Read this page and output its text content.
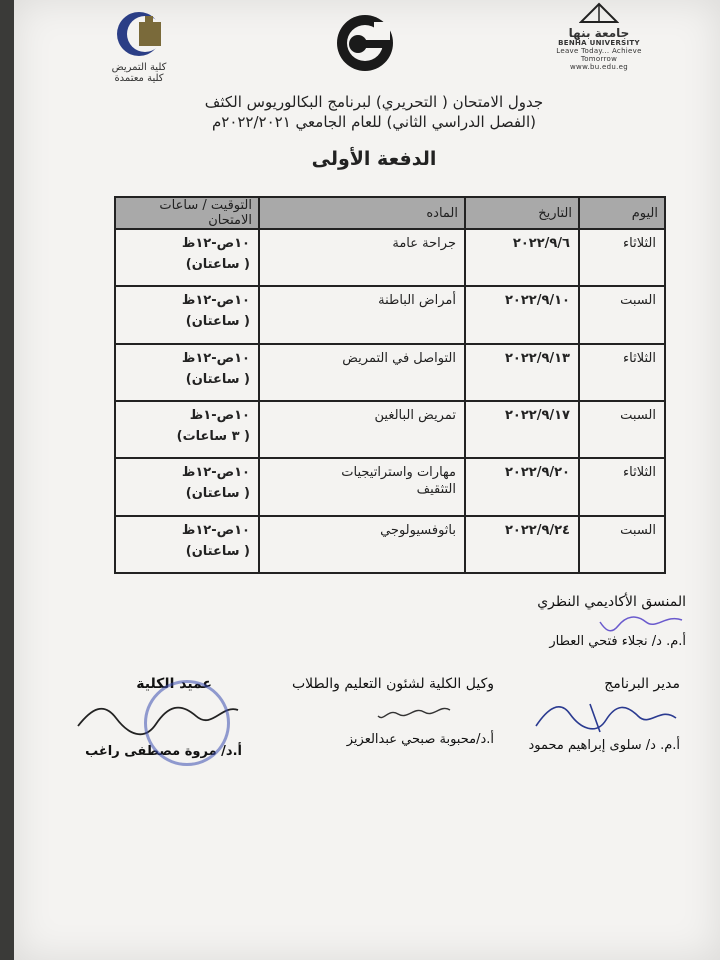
كلية التمريض
كلية معتمدة
جامعة بنها
BENHA UNIVERSITY
Leave Today... Achieve Tomorrow
www.bu.edu.eg
جدول الامتحان ( التحريري) لبرنامج البكالوريوس الكثف
(الفصل الدراسي الثاني) للعام الجامعي ٢٠٢٢/٢٠٢١م
الدفعة الأولى
اليوم	التاريخ	الماده	التوقيت / ساعات الامتحان
الثلاثاء	٢٠٢٢/٩/٦	جراحة عامة	١٠ص-١٢ظ
( ساعتان)

السبت	٢٠٢٢/٩/١٠	أمراض الباطنة	١٠ص-١٢ظ
( ساعتان)

الثلاثاء	٢٠٢٢/٩/١٣	التواصل في التمريض	١٠ص-١٢ظ
( ساعتان)

السبت	٢٠٢٢/٩/١٧	تمريض البالغين	١٠ص-١ظ
( ٣ ساعات)

الثلاثاء	٢٠٢٢/٩/٢٠	مهارات واستراتيجيات
التثقيف	١٠ص-١٢ظ
( ساعتان)

السبت	٢٠٢٢/٩/٢٤	باثوفسيولوجي	١٠ص-١٢ظ
( ساعتان)
المنسق الأكاديمي النظري
أ.م. د/ نجلاء فتحي العطار
مدير البرنامج
أ.م. د/ سلوى إبراهيم محمود
وكيل الكلية لشئون التعليم والطلاب
أ.د/محبوبة صبحي عبدالعزيز
عميد الكلية
أ.د/ مروة مصطفى راغب
